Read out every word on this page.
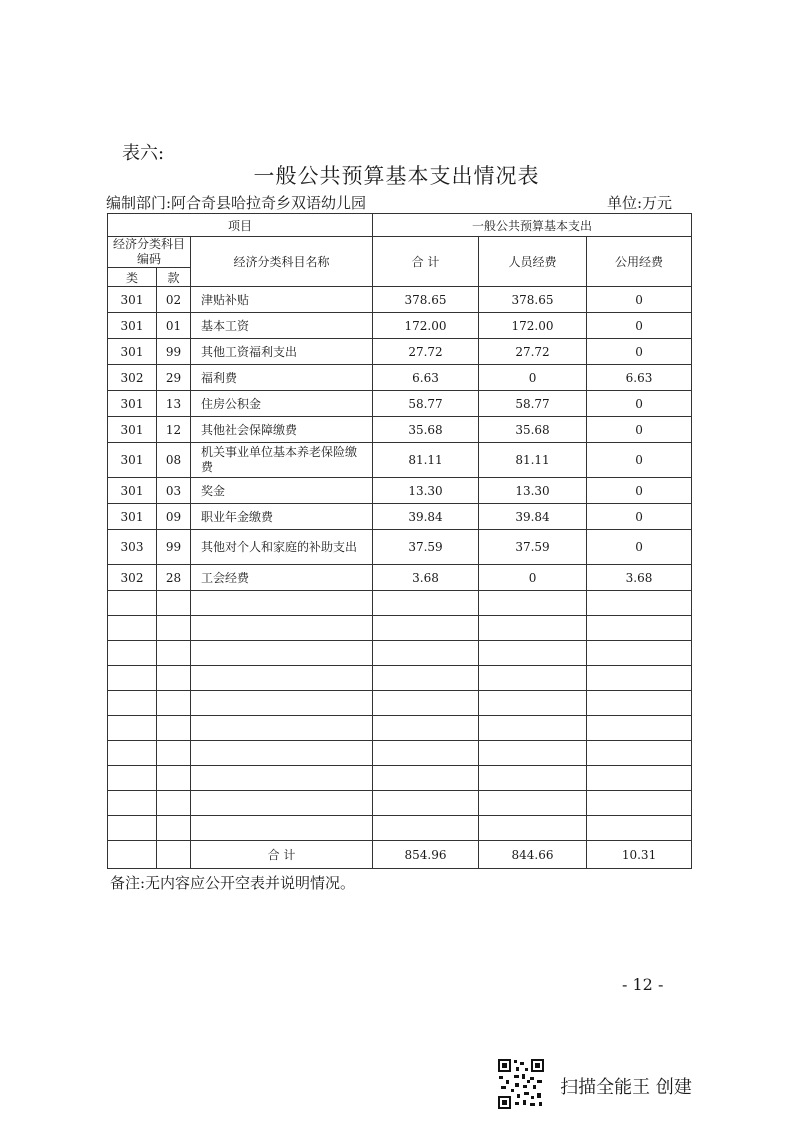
表六:
一般公共预算基本支出情况表
编制部门:阿合奇县哈拉奇乡双语幼儿园	单位:万元
项目			一般公共预算基本支出		
经济分类科目编码		经济分类科目名称	合 计	人员经费	公用经费
类	款				
301	02	津贴补贴	378.65	378.65	0
301	01	基本工资	172.00	172.00	0
301	99	其他工资福利支出	27.72	27.72	0
302	29	福利费	6.63	0	6.63
301	13	住房公积金	58.77	58.77	0
301	12	其他社会保障缴费	35.68	35.68	0
301	08	机关事业单位基本养老保险缴费	81.11	81.11	0
301	03	奖金	13.30	13.30	0
301	09	职业年金缴费	39.84	39.84	0
303	99	其他对个人和家庭的补助支出	37.59	37.59	0
302	28	工会经费	3.68	0	3.68

		合 计	854.96	844.66	10.31
备注:无内容应公开空表并说明情况。
- 12 -
扫描全能王 创建
